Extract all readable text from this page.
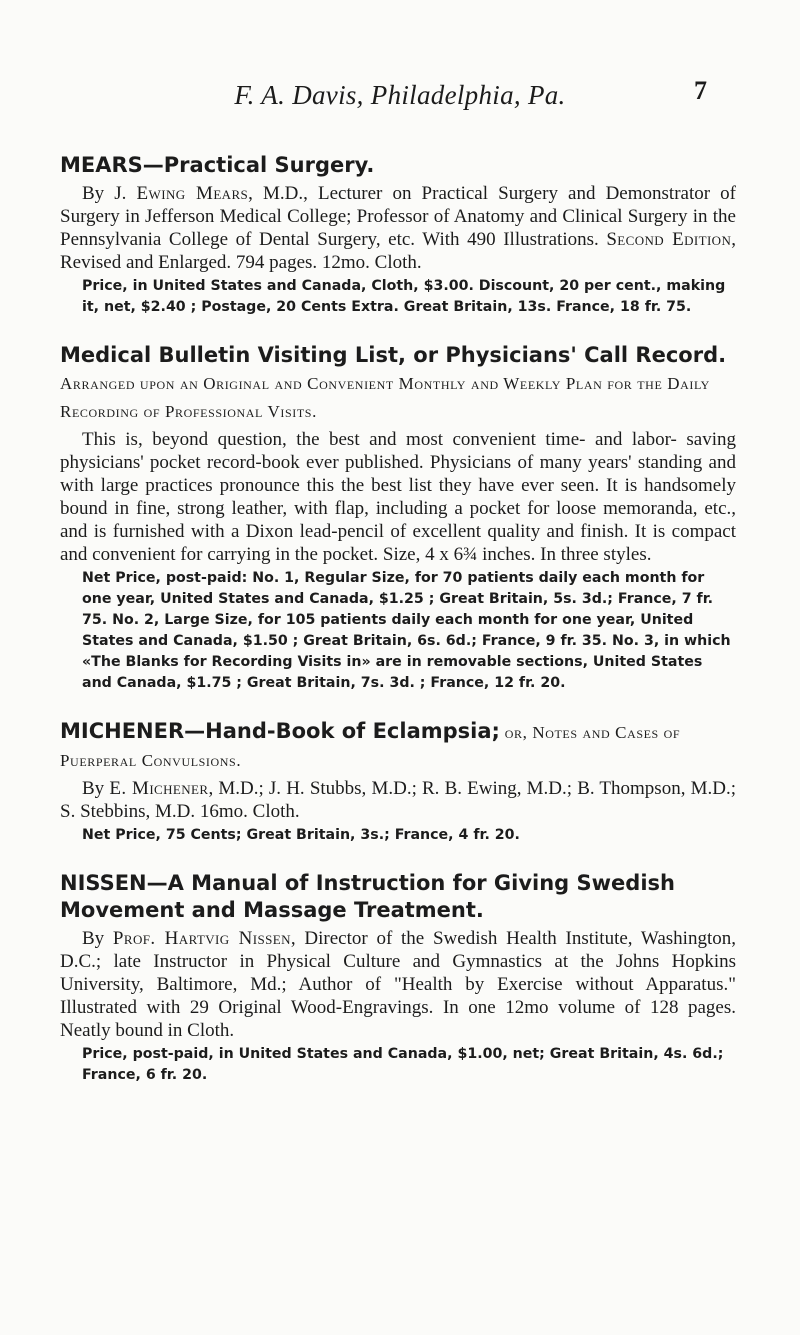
F. A. Davis, Philadelphia, Pa.	7

MEARS—Practical Surgery.

By J. Ewing Mears, M.D., Lecturer on Practical Surgery and Demonstrator of Surgery in Jefferson Medical College; Professor of Anatomy and Clinical Surgery in the Pennsylvania College of Dental Surgery, etc. With 490 Illustrations. Second Edition, Revised and Enlarged. 794 pages. 12mo. Cloth.

Price, in United States and Canada, Cloth, $3.00. Discount, 20 per cent., making it, net, $2.40 ; Postage, 20 Cents Extra. Great Britain, 13s. France, 18 fr. 75.

Medical Bulletin Visiting List, or Physicians' Call Record. Arranged upon an Original and Convenient Monthly and Weekly Plan for the Daily Recording of Professional Visits.

This is, beyond question, the best and most convenient time- and labor- saving physicians' pocket record-book ever published. Physicians of many years' standing and with large practices pronounce this the best list they have ever seen. It is handsomely bound in fine, strong leather, with flap, including a pocket for loose memoranda, etc., and is furnished with a Dixon lead-pencil of excellent quality and finish. It is compact and convenient for carrying in the pocket. Size, 4 x 6¾ inches. In three styles.

Net Price, post-paid: No. 1, Regular Size, for 70 patients daily each month for one year, United States and Canada, $1.25 ; Great Britain, 5s. 3d.; France, 7 fr. 75. No. 2, Large Size, for 105 patients daily each month for one year, United States and Canada, $1.50 ; Great Britain, 6s. 6d.; France, 9 fr. 35. No. 3, in which «The Blanks for Recording Visits in» are in removable sections, United States and Canada, $1.75 ; Great Britain, 7s. 3d. ; France, 12 fr. 20.

MICHENER—Hand-Book of Eclampsia; or, Notes and Cases of Puerperal Convulsions.

By E. Michener, M.D.; J. H. Stubbs, M.D.; R. B. Ewing, M.D.; B. Thompson, M.D.; S. Stebbins, M.D. 16mo. Cloth.

Net Price, 75 Cents; Great Britain, 3s.; France, 4 fr. 20.

NISSEN—A Manual of Instruction for Giving Swedish Movement and Massage Treatment.

By Prof. Hartvig Nissen, Director of the Swedish Health Institute, Washington, D.C.; late Instructor in Physical Culture and Gymnastics at the Johns Hopkins University, Baltimore, Md.; Author of "Health by Exercise without Apparatus." Illustrated with 29 Original Wood-Engravings. In one 12mo volume of 128 pages. Neatly bound in Cloth.

Price, post-paid, in United States and Canada, $1.00, net; Great Britain, 4s. 6d.; France, 6 fr. 20.
